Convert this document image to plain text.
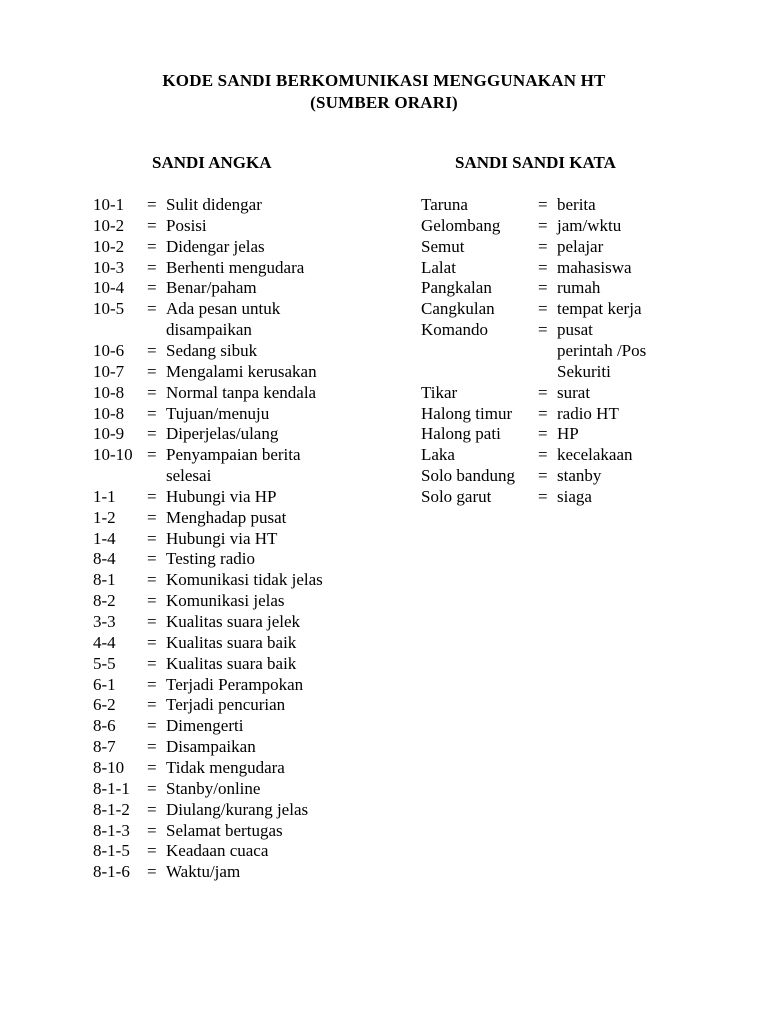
KODE SANDI BERKOMUNIKASI MENGGUNAKAN HT
(SUMBER ORARI)
SANDI ANGKA	SANDI SANDI KATA
10-1 = Sulit didengar
10-2 = Posisi
10-2 = Didengar jelas
10-3 = Berhenti mengudara
10-4 = Benar/paham
10-5 = Ada pesan untuk
disampaikan
10-6 = Sedang sibuk
10-7 = Mengalami kerusakan
10-8 = Normal tanpa kendala
10-8 = Tujuan/menuju
10-9 = Diperjelas/ulang
10-10 = Penyampaian berita
selesai
1-1 = Hubungi via HP
1-2 = Menghadap pusat
1-4 = Hubungi via HT
8-4 = Testing radio
8-1 = Komunikasi tidak jelas
8-2 = Komunikasi jelas
3-3 = Kualitas suara jelek
4-4 = Kualitas suara baik
5-5 = Kualitas suara baik
6-1 = Terjadi Perampokan
6-2 = Terjadi pencurian
8-6 = Dimengerti
8-7 = Disampaikan
8-10 = Tidak mengudara
8-1-1 = Stanby/online
8-1-2 = Diulang/kurang jelas
8-1-3 = Selamat bertugas
8-1-5 = Keadaan cuaca
8-1-6 = Waktu/jam
Taruna	= berita
Gelombang = jam/wktu
Semut	= pelajar
Lalat	= mahasiswa
Pangkalan	= rumah
Cangkulan	= tempat kerja
Komando	= pusat
perintah /Pos
Sekuriti
Tikar	= surat
Halong timur = radio HT
Halong pati = HP
Laka	= kecelakaan
Solo bandung = stanby
Solo garut	= siaga
